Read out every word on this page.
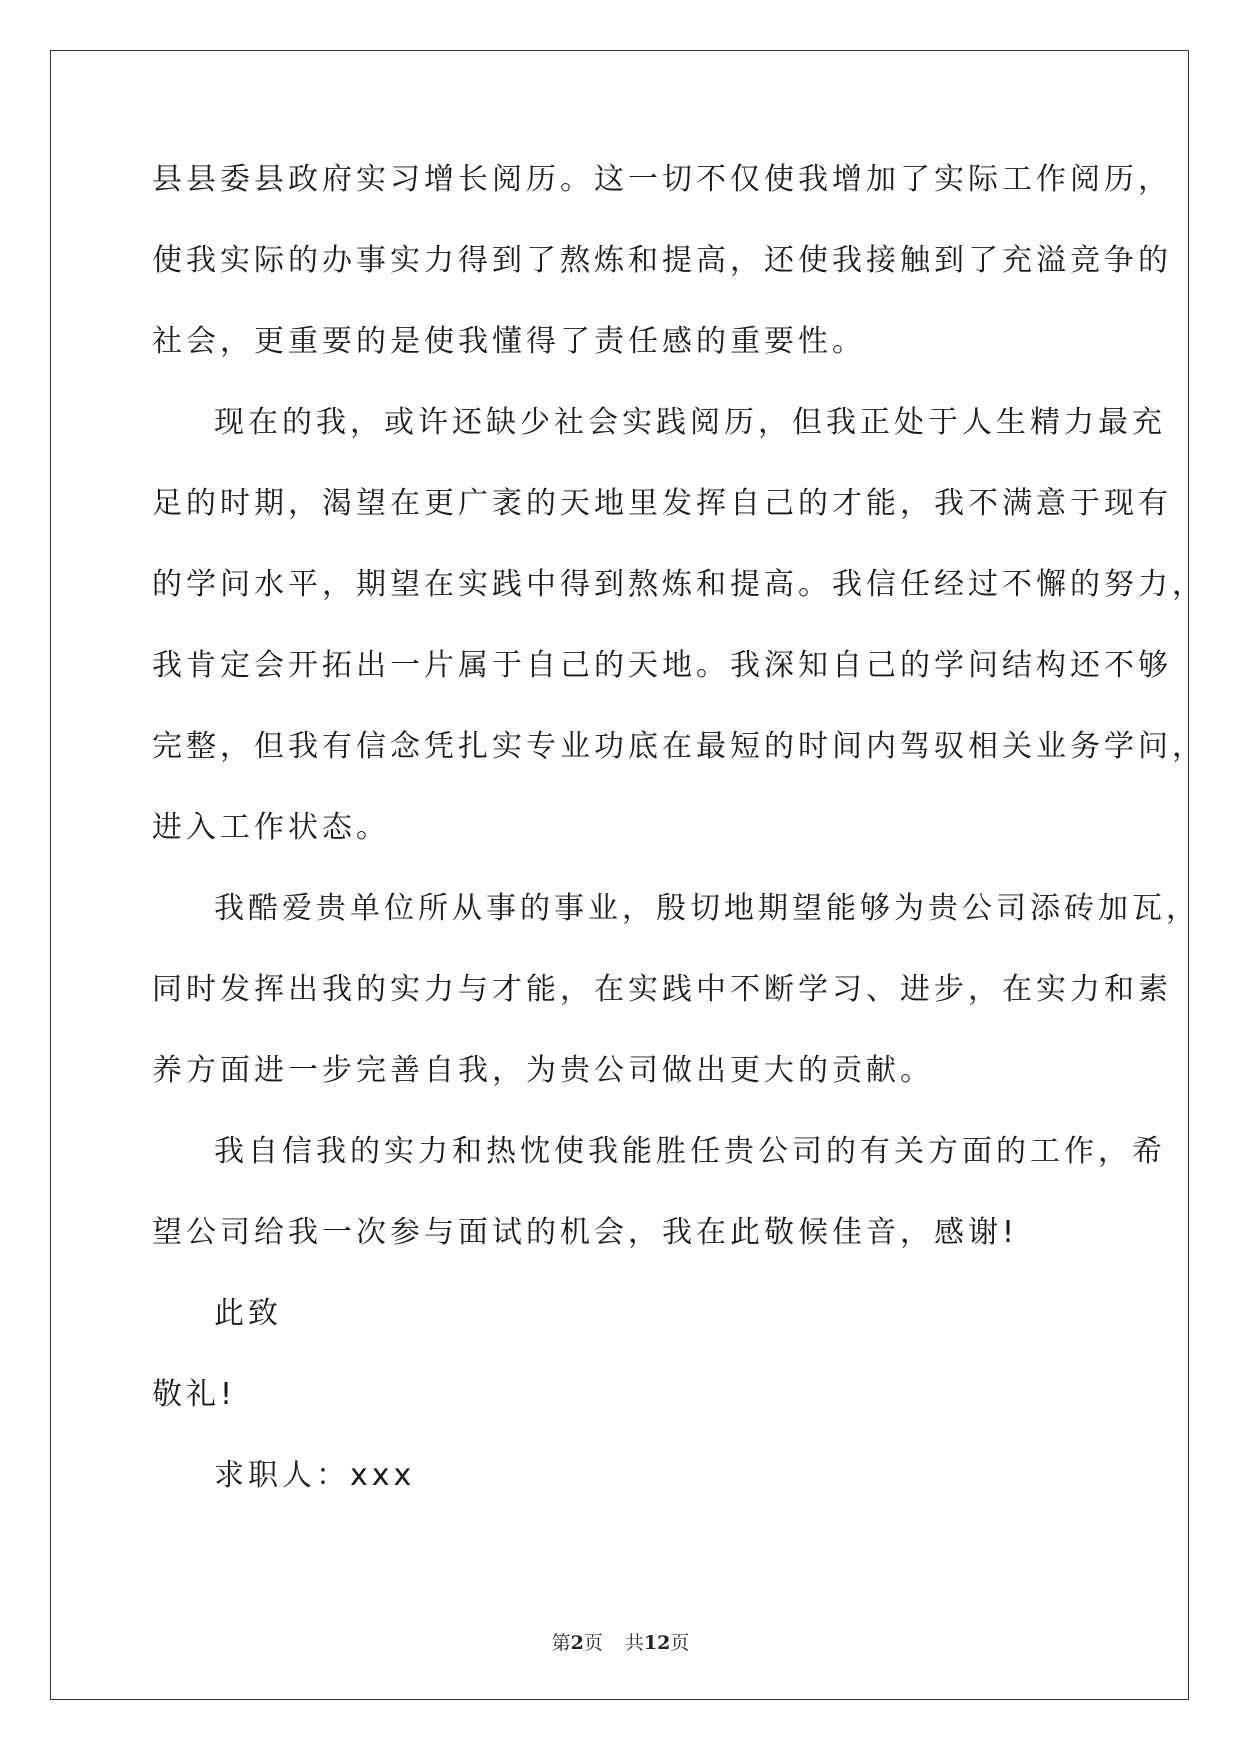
县县委县政府实习增长阅历。这一切不仅使我增加了实际工作阅历，
使我实际的办事实力得到了熬炼和提高，还使我接触到了充溢竞争的
社会，更重要的是使我懂得了责任感的重要性。
现在的我，或许还缺少社会实践阅历，但我正处于人生精力最充
足的时期，渴望在更广袤的天地里发挥自己的才能，我不满意于现有
的学问水平，期望在实践中得到熬炼和提高。我信任经过不懈的努力，
我肯定会开拓出一片属于自己的天地。我深知自己的学问结构还不够
完整，但我有信念凭扎实专业功底在最短的时间内驾驭相关业务学问，
进入工作状态。
我酷爱贵单位所从事的事业，殷切地期望能够为贵公司添砖加瓦，
同时发挥出我的实力与才能，在实践中不断学习、进步，在实力和素
养方面进一步完善自我，为贵公司做出更大的贡献。
我自信我的实力和热忱使我能胜任贵公司的有关方面的工作，希
望公司给我一次参与面试的机会，我在此敬候佳音，感谢!
此致
敬礼!
求职人：xxx
第2页 共12页
